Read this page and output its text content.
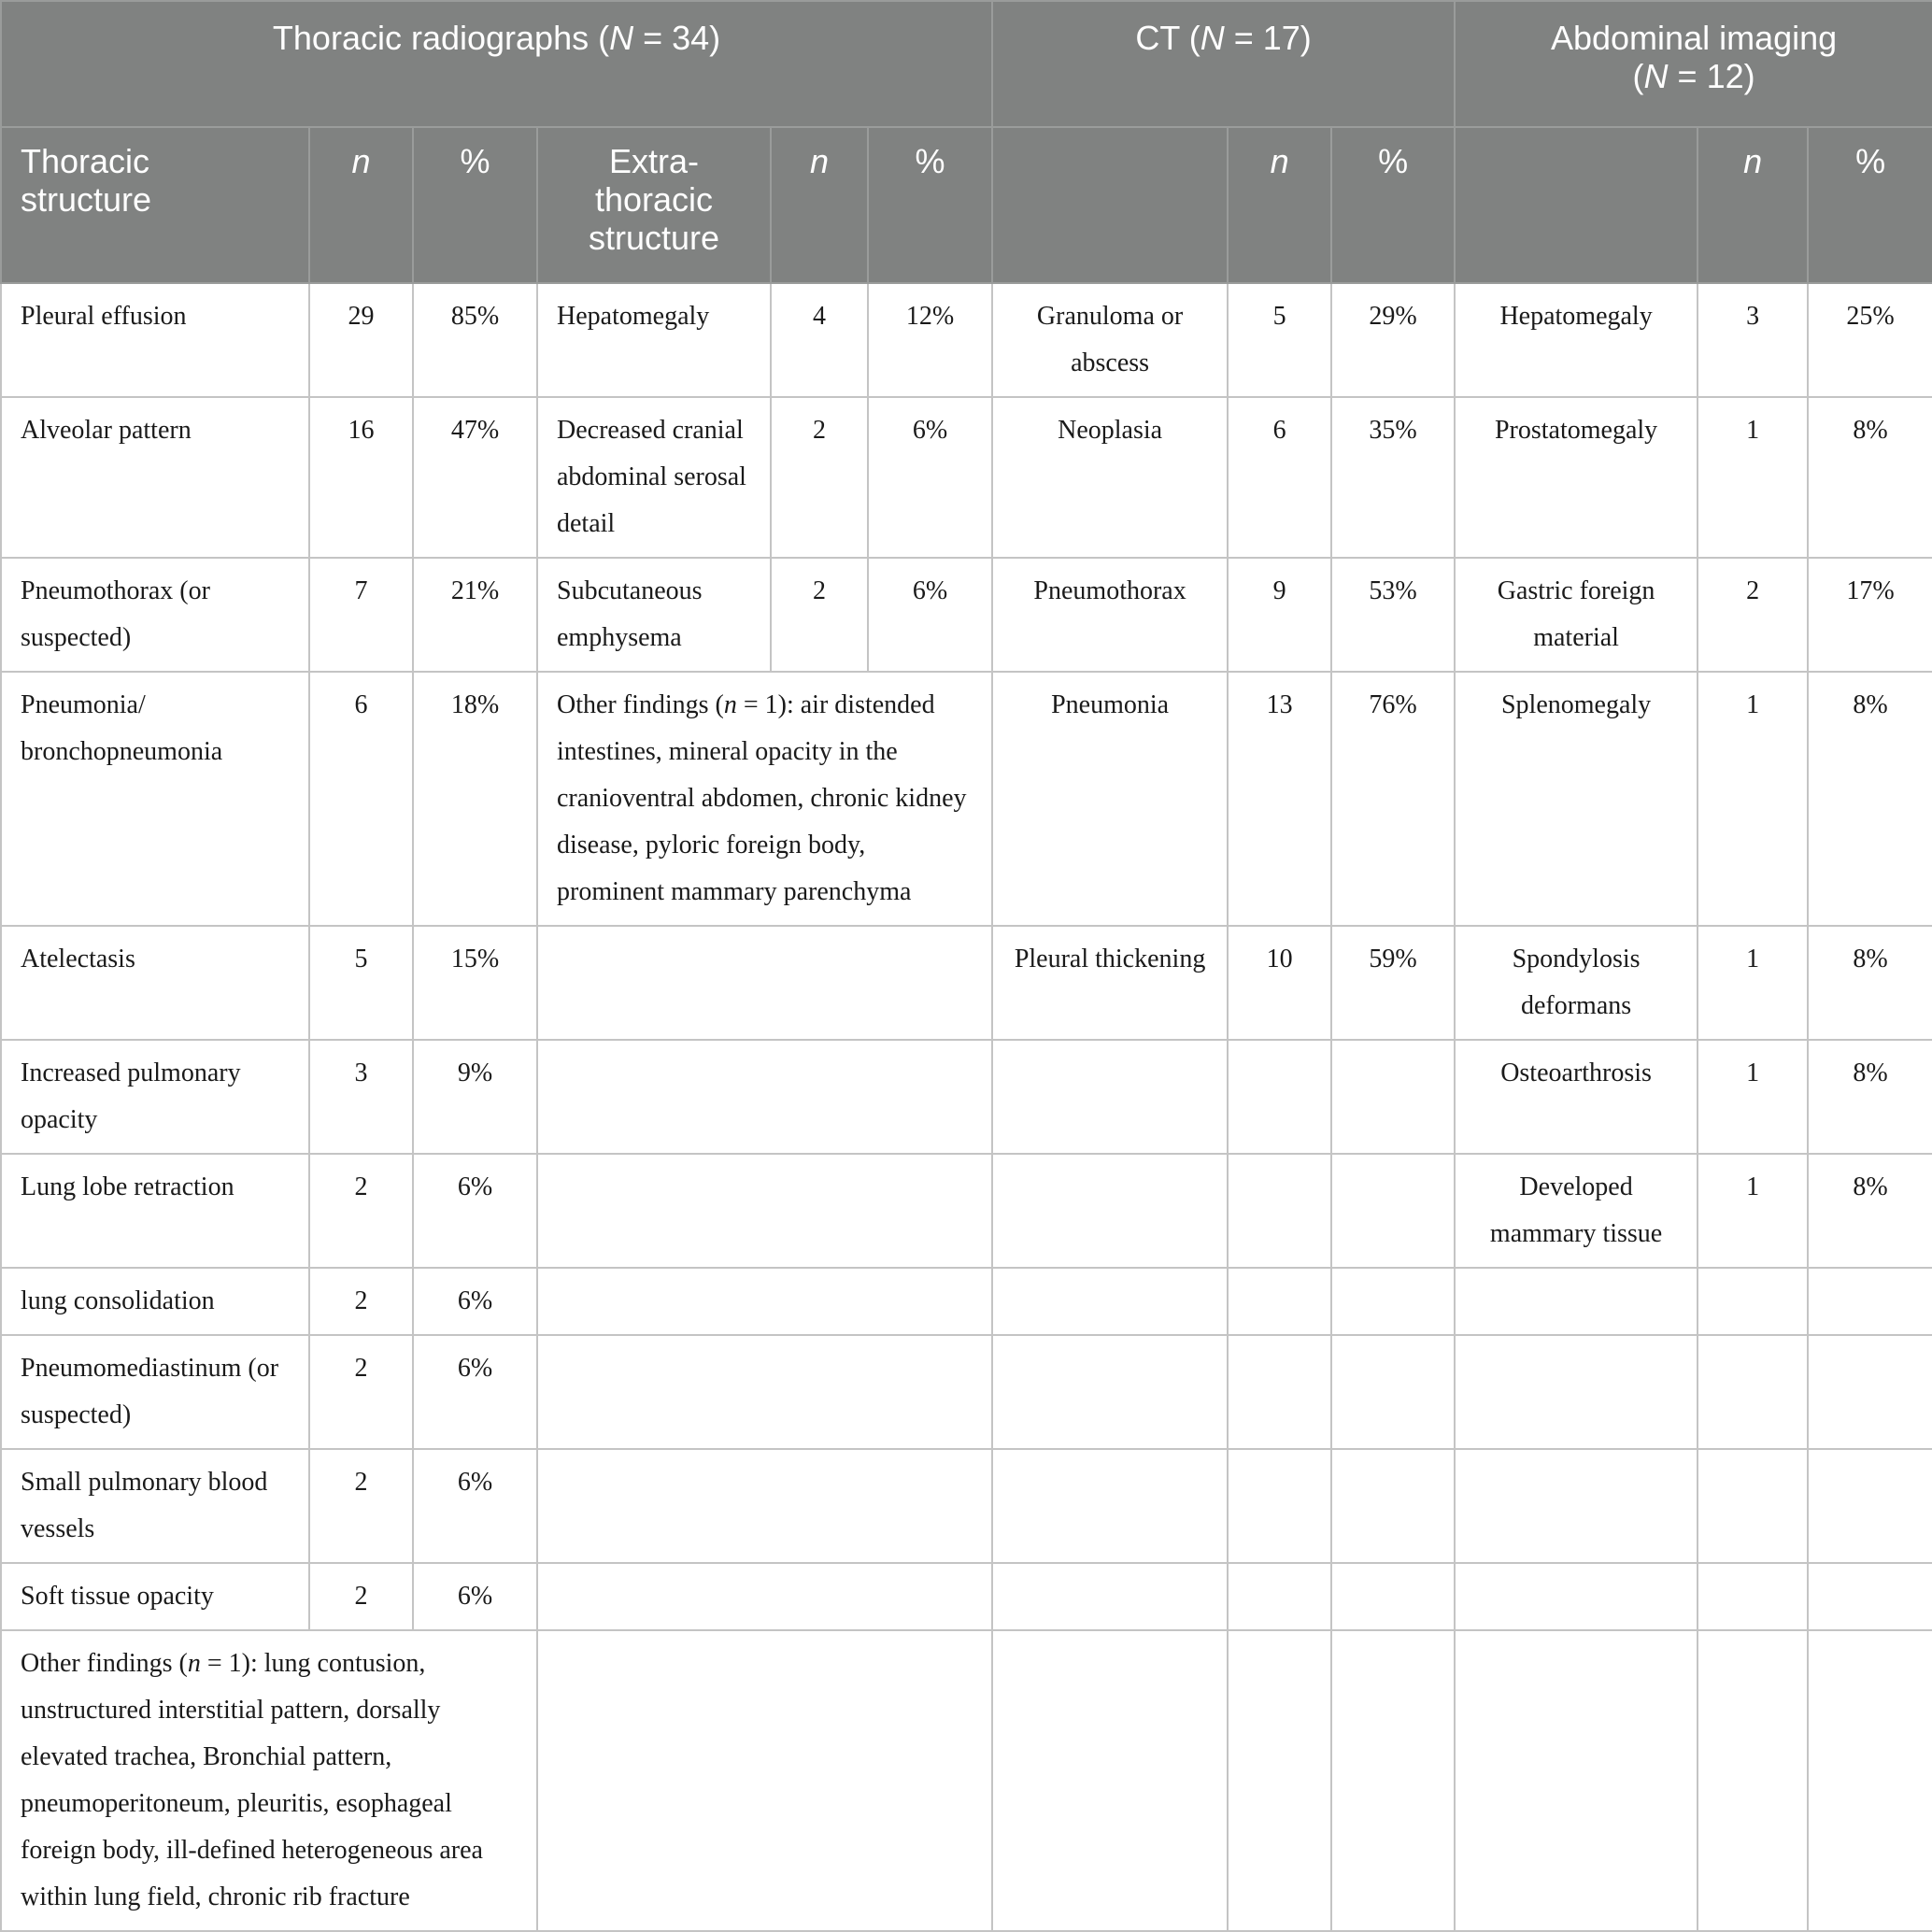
Thoracic radiographs (N = 34)						CT (N = 17)			Abdominal imaging
(N = 12)		
Thoracic structure	n	%	Extra-thoracic structure	n	%		n	%		n	%
Pleural effusion	29	85%	Hepatomegaly	4	12%	Granuloma or abscess	5	29%	Hepatomegaly	3	25%
Alveolar pattern	16	47%	Decreased cranial abdominal serosal detail	2	6%	Neoplasia	6	35%	Prostatomegaly	1	8%
Pneumothorax (or suspected)	7	21%	Subcutaneous emphysema	2	6%	Pneumothorax	9	53%	Gastric foreign material	2	17%
Pneumonia/ bronchopneumonia	6	18%	Other findings (n = 1): air distended intestines, mineral opacity in the cranioventral abdomen, chronic kidney disease, pyloric foreign body, prominent mammary parenchyma			Pneumonia	13	76%	Splenomegaly	1	8%
Atelectasis	5	15%				Pleural thickening	10	59%	Spondylosis deformans	1	8%
Increased pulmonary opacity	3	9%							Osteoarthrosis	1	8%
Lung lobe retraction	2	6%							Developed mammary tissue	1	8%
lung consolidation	2	6%									
Pneumomediastinum (or suspected)	2	6%									
Small pulmonary blood vessels	2	6%									
Soft tissue opacity	2	6%									
Other findings (n = 1): lung contusion, unstructured interstitial pattern, dorsally elevated trachea, Bronchial pattern, pneumoperitoneum, pleuritis, esophageal foreign body, ill-defined heterogeneous area within lung field, chronic rib fracture											
